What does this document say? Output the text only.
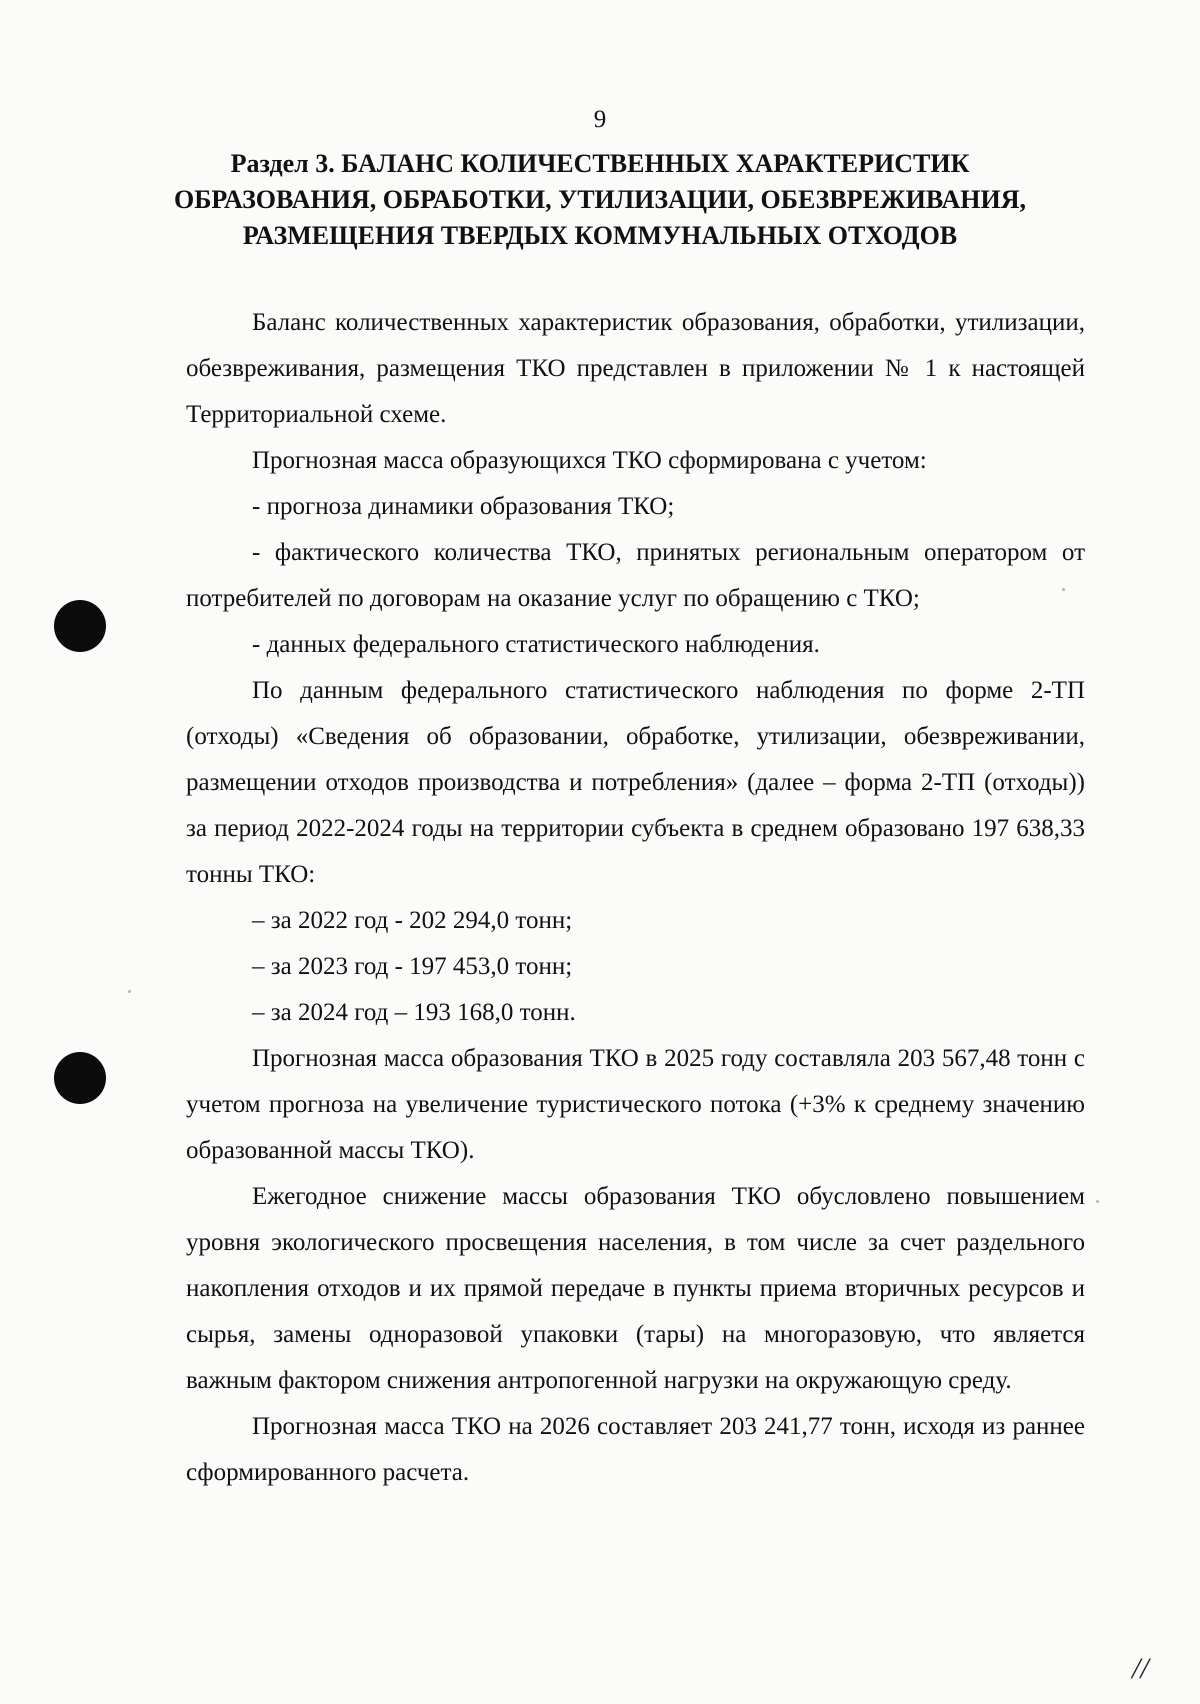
9
Раздел 3. БАЛАНС КОЛИЧЕСТВЕННЫХ ХАРАКТЕРИСТИК
ОБРАЗОВАНИЯ, ОБРАБОТКИ, УТИЛИЗАЦИИ, ОБЕЗВРЕЖИВАНИЯ,
РАЗМЕЩЕНИЯ ТВЕРДЫХ КОММУНАЛЬНЫХ ОТХОДОВ

Баланс количественных характеристик образования, обработки, утилизации, обезвреживания, размещения ТКО представлен в приложении № 1 к настоящей Территориальной схеме.

Прогнозная масса образующихся ТКО сформирована с учетом:

- прогноза динамики образования ТКО;

- фактического количества ТКО, принятых региональным оператором от потребителей по договорам на оказание услуг по обращению с ТКО;

- данных федерального статистического наблюдения.

По данным федерального статистического наблюдения по форме 2-ТП (отходы) «Сведения об образовании, обработке, утилизации, обезвреживании, размещении отходов производства и потребления» (далее – форма 2-ТП (отходы)) за период 2022-2024 годы на территории субъекта в среднем образовано 197 638,33 тонны ТКО:

– за 2022 год - 202 294,0 тонн;

– за 2023 год - 197 453,0 тонн;

– за 2024 год – 193 168,0 тонн.

Прогнозная масса образования ТКО в 2025 году составляла 203 567,48 тонн с учетом прогноза на увеличение туристического потока (+3% к среднему значению образованной массы ТКО).

Ежегодное снижение массы образования ТКО обусловлено повышением уровня экологического просвещения населения, в том числе за счет раздельного накопления отходов и их прямой передаче в пункты приема вторичных ресурсов и сырья, замены одноразовой упаковки (тары) на многоразовую, что является важным фактором снижения антропогенной нагрузки на окружающую среду.

Прогнозная масса ТКО на 2026 составляет 203 241,77 тонн, исходя из раннее сформированного расчета.

//
